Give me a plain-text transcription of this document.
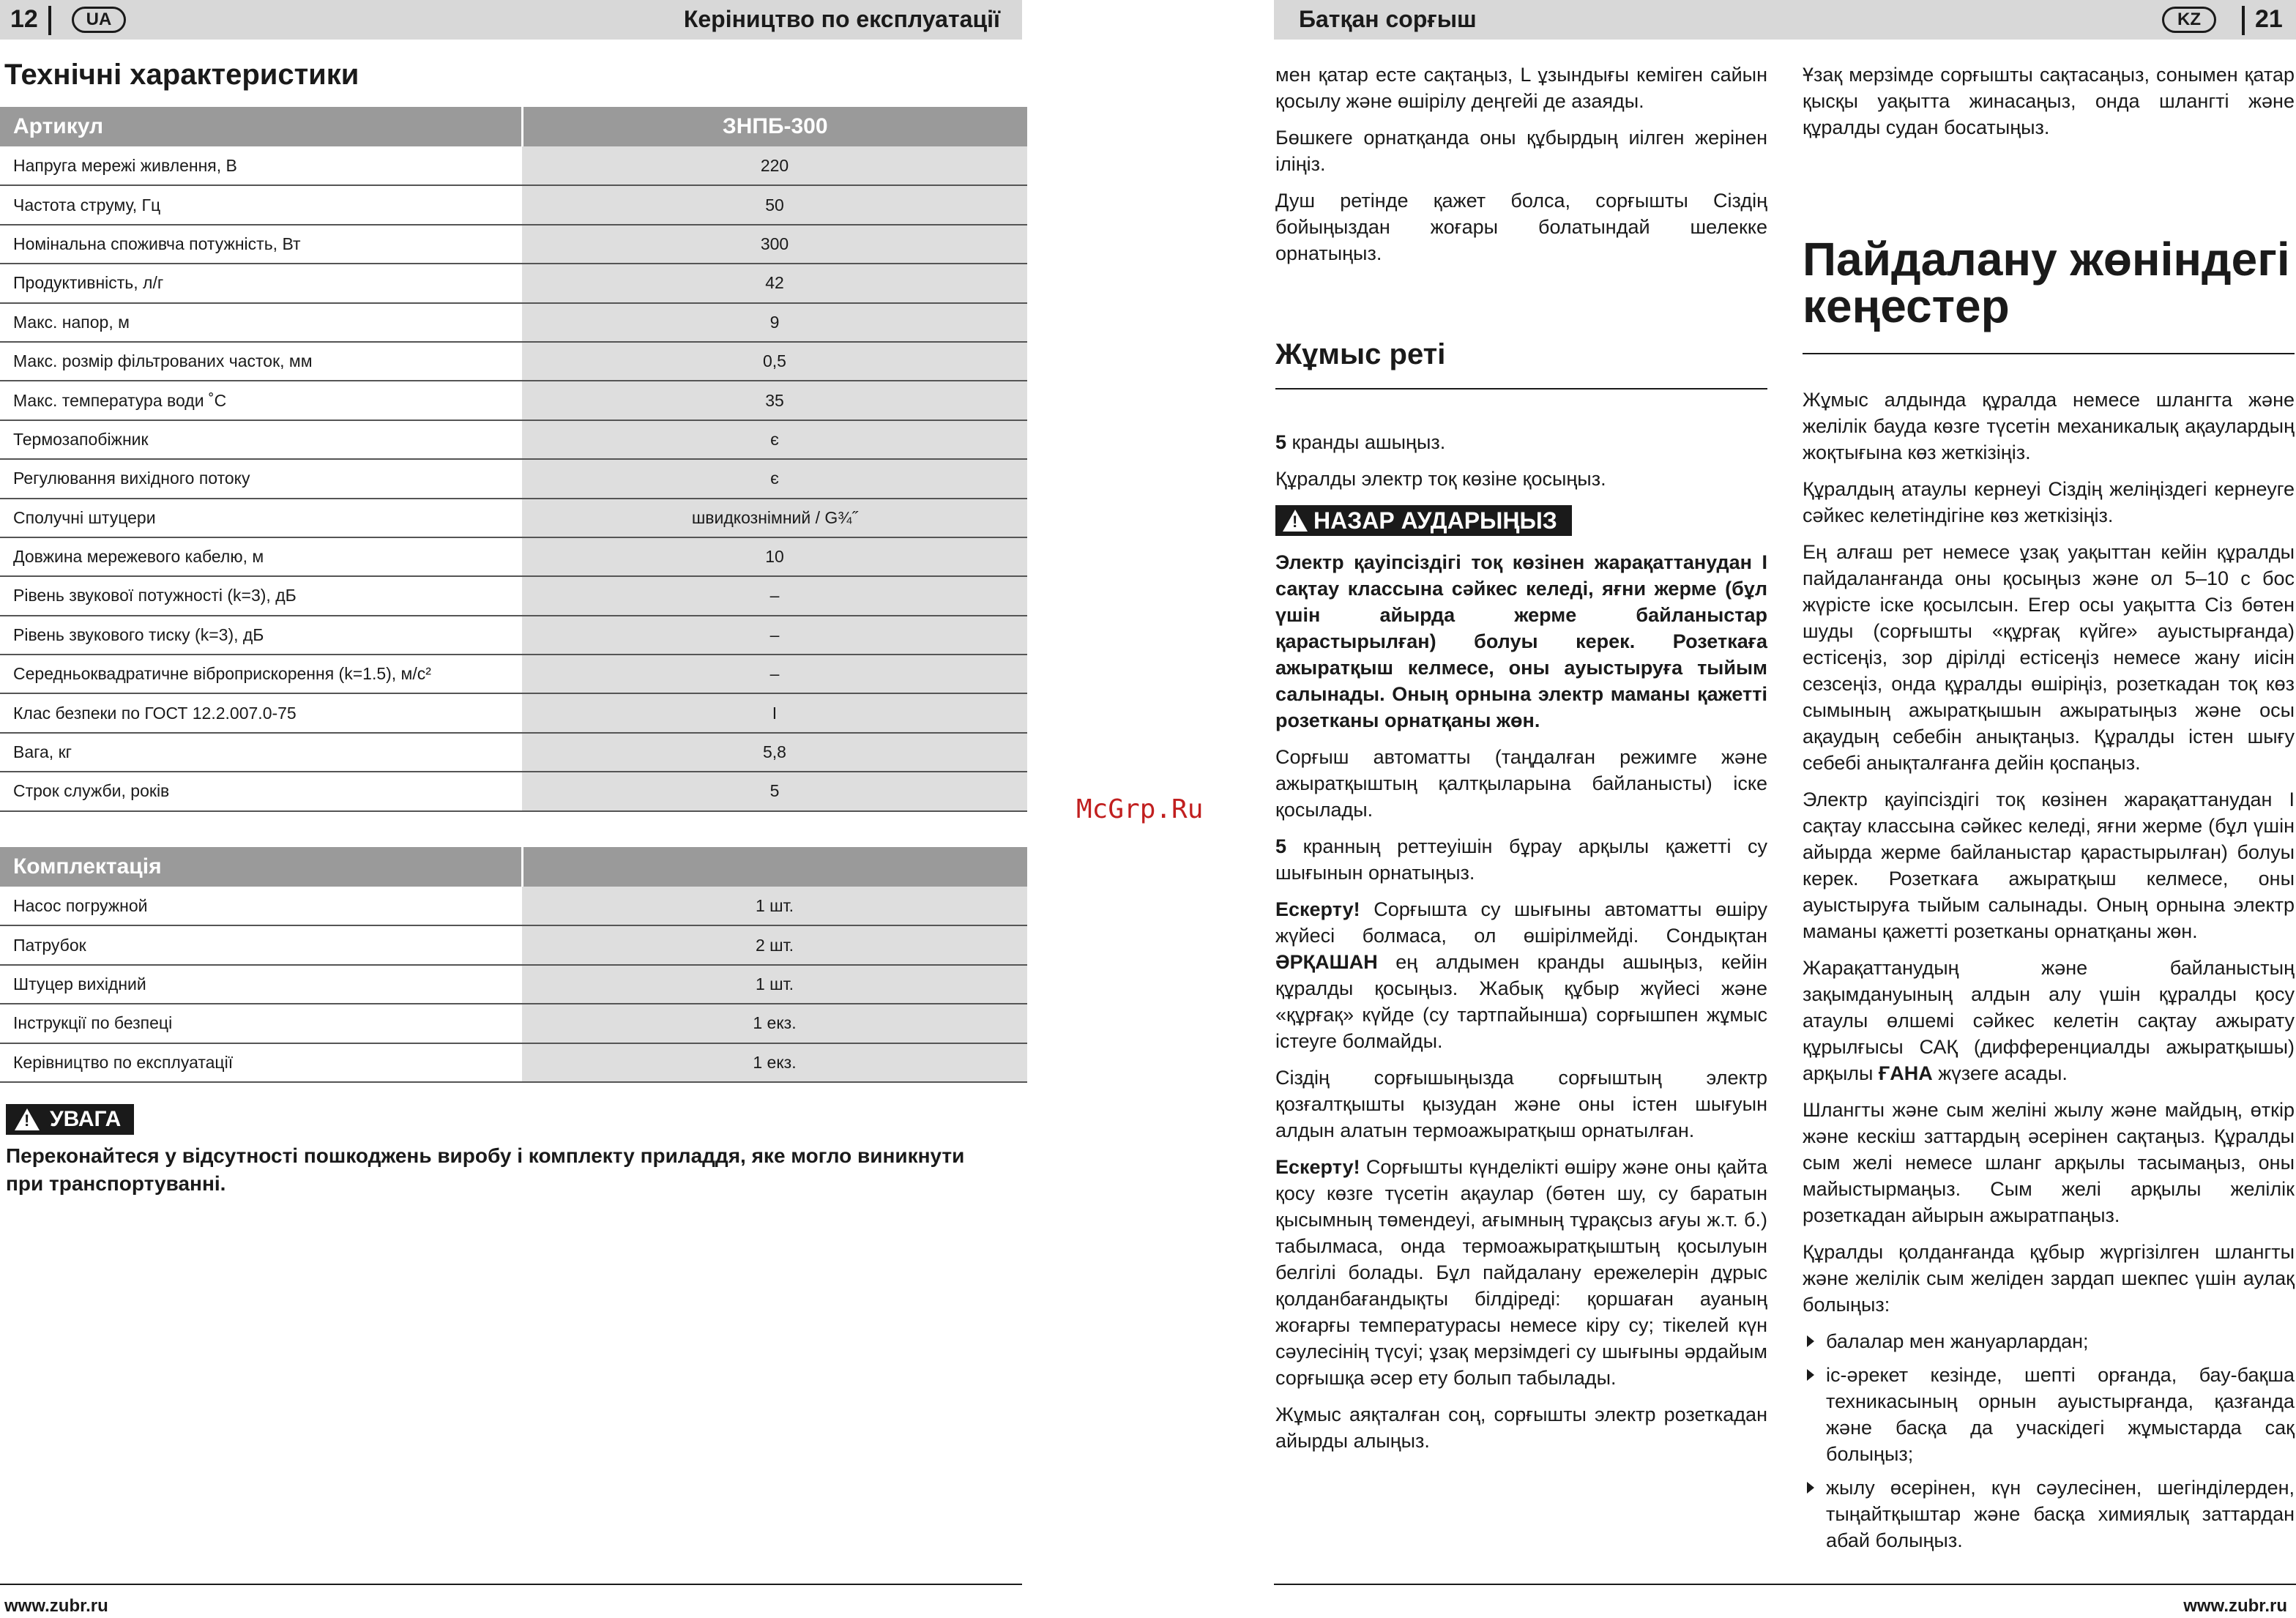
12	UA	Керіництво по експлуатації
Технічні характеристики
Артикул	ЗНПБ-300
Напруга мережі живлення, В	220
Частота струму, Гц	50
Номінальна споживча потужність, Вт	300
Продуктивність, л/г	42
Макс. напор, м	9
Макс. розмір фільтрованих часток, мм	0,5
Макс. температура води ˚С	35
Термозапобіжник	є
Регулювання вихідного потоку	є
Сполучні штуцери	швидкознімний / G¾˝
Довжина мережевого кабелю, м	10
Рівень звукової потужності (k=3), дБ	–
Рівень звукового тиску (k=3), дБ	–
Середньоквадратичне віброприскорення (k=1.5), м/с²	–
Клас безпеки по ГОСТ 12.2.007.0-75	I
Вага, кг	5,8
Строк служби, років	5
Комплектація	
Насос погружной	1 шт.
Патрубок	2 шт.
Штуцер вихідний	1 шт.
Інструкції по безпеці	1 екз.
Керівництво по експлуатації	1 екз.
! УВАГА
Переконайтеся у відсутності пошкоджень виробу і комплекту приладдя, яке могло виникнути при транспортуванні.
www.zubr.ru
McGrp.Ru
Батқан сорғыш	KZ	21

мен қатар есте сақтаңыз, L ұзындығы кеміген сайын қосылу және өшірілу деңгейі де азаяды.

Бөшкеге орнатқанда оны құбырдың иілген жерінен іліңіз.

Душ ретінде қажет болса, сорғышты Сіздің бойыңыздан жоғары болатындай шелекке орнатыңыз.

Жұмыс реті

5 кранды ашыңыз.

Құралды электр тоқ көзіне қосыңыз.

! НАЗАР АУДАРЫҢЫЗ

Электр қауіпсіздігі тоқ көзінен жарақаттанудан I сақтау классына сәйкес келеді, яғни жерме (бұл үшін айырда жерме байланыстар қарастырылған) болуы керек. Розеткаға ажыратқыш келмесе, оны ауыстыруға тыйым салынады. Оның орнына электр маманы қажетті розетканы орнатқаны жөн.

Сорғыш автоматты (таңдалған режимге және ажыратқыштың қалтқыларына байланысты) іске қосылады.

5 кранның реттеуішін бұрау арқылы қажетті су шығынын орнатыңыз.

Ескерту! Сорғышта су шығыны автоматты өшіру жүйесі болмаса, ол өшірілмейді. Сондықтан ӘРҚАШАН ең алдымен кранды ашыңыз, кейін құралды қосыңыз. Жабық құбыр жүйесі және «құрғақ» күйде (су тартпайынша) сорғышпен жұмыс істеуге болмайды.

Сіздің сорғышыңызда сорғыштың электр қозғалтқышты қызудан және оны істен шығуын алдын алатын термоажыратқыш орнатылған.

Ескерту! Сорғышты күнделікті өшіру және оны қайта қосу көзге түсетін ақаулар (бөтен шу, су баратын қысымның төмендеуі, ағымның тұрақсыз ағуы ж.т. б.) табылмаса, онда термоажыратқыштың қосылуын белгілі болады. Бұл пайдалану ережелерін дұрыс қолданбағандықты білдіреді: қоршаған ауаның жоғарғы температурасы немесе кіру су; тікелей күн сәулесінің түсуі; ұзақ мерзімдегі су шығыны әрдайым сорғышқа әсер ету болып табылады.

Жұмыс аяқталған соң, сорғышты электр розеткадан айырды алыңыз.

Ұзақ мерзімде сорғышты сақтасаңыз, сонымен қатар қысқы уақытта жинасаңыз, онда шлангті және құралды судан босатыңыз.

Пайдалану жөніндегі кеңестер

Жұмыс алдында құралда немесе шлангта және желілік бауда көзге түсетін механикалық ақаулардың жоқтығына көз жеткізіңіз.

Құралдың атаулы кернеуі Сіздің желіңіздегі кернеуге сәйкес келетіндігіне көз жеткізіңіз.

Ең алғаш рет немесе ұзақ уақыттан кейін құралды пайдаланғанда оны қосыңыз және ол 5–10 с бос жүрісте іске қосылсын. Егер осы уақытта Сіз бөтен шуды (сорғышты «құрғақ күйге» ауыстырғанда) естісеңіз, зор дірілді естісеңіз немесе жану иісін сезсеңіз, онда құралды өшіріңіз, розеткадан тоқ көз сымының ажыратқышын ажыратыңыз және осы ақаудың себебін анықтаңыз. Құралды істен шығу себебі анықталғанға дейін қоспаңыз.

Электр қауіпсіздігі тоқ көзінен жарақаттанудан I сақтау классына сәйкес келеді, яғни жерме (бұл үшін айырда жерме байланыстар қарастырылған) болуы керек. Розеткаға ажыратқыш келмесе, оны ауыстыруға тыйым салынады. Оның орнына электр маманы қажетті розетканы орнатқаны жөн.

Жарақаттанудың және байланыстың зақымдануының алдын алу үшін құралды қосу атаулы өлшемі сәйкес келетін сақтау ажырату құрылғысы САҚ (дифференциалды ажыратқышы) арқылы ҒАНА жүзеге асады.

Шлангты және сым желіні жылу және майдың, өткір және кескіш заттардың әсерінен сақтаңыз. Құралды сым желі немесе шланг арқылы тасымаңыз, оны майыстырмаңыз. Сым желі арқылы желілік розеткадан айырын ажыратпаңыз.

Құралды қолданғанда құбыр жүргізілген шлангты және желілік сым желіден зардап шекпес үшін аулақ болыңыз:

балалар мен жануарлардан;
іс-әрекет кезінде, шепті орғанда, бау-бақша техникасының орнын ауыстырғанда, қазғанда және басқа да учаскідегі жұмыстарда сақ болыңыз;
жылу өсерінен, күн сәулесінен, шегінділерден, тыңайтқыштар және басқа химиялық заттардан абай болыңыз.
www.zubr.ru
